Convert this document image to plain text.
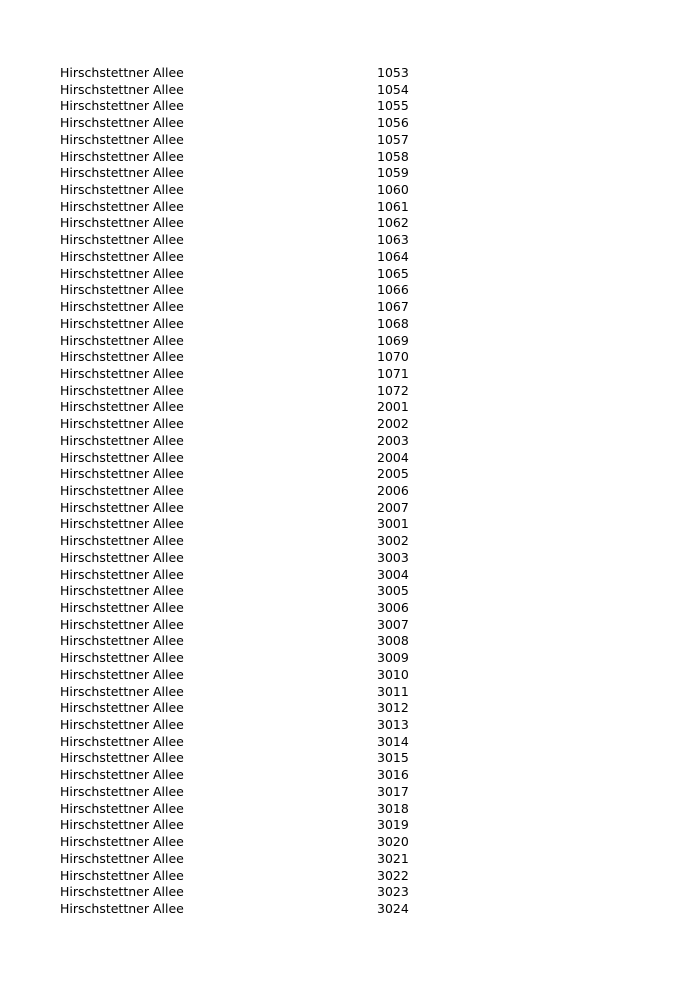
Hirschstettner Allee	1053
Hirschstettner Allee	1054
Hirschstettner Allee	1055
Hirschstettner Allee	1056
Hirschstettner Allee	1057
Hirschstettner Allee	1058
Hirschstettner Allee	1059
Hirschstettner Allee	1060
Hirschstettner Allee	1061
Hirschstettner Allee	1062
Hirschstettner Allee	1063
Hirschstettner Allee	1064
Hirschstettner Allee	1065
Hirschstettner Allee	1066
Hirschstettner Allee	1067
Hirschstettner Allee	1068
Hirschstettner Allee	1069
Hirschstettner Allee	1070
Hirschstettner Allee	1071
Hirschstettner Allee	1072
Hirschstettner Allee	2001
Hirschstettner Allee	2002
Hirschstettner Allee	2003
Hirschstettner Allee	2004
Hirschstettner Allee	2005
Hirschstettner Allee	2006
Hirschstettner Allee	2007
Hirschstettner Allee	3001
Hirschstettner Allee	3002
Hirschstettner Allee	3003
Hirschstettner Allee	3004
Hirschstettner Allee	3005
Hirschstettner Allee	3006
Hirschstettner Allee	3007
Hirschstettner Allee	3008
Hirschstettner Allee	3009
Hirschstettner Allee	3010
Hirschstettner Allee	3011
Hirschstettner Allee	3012
Hirschstettner Allee	3013
Hirschstettner Allee	3014
Hirschstettner Allee	3015
Hirschstettner Allee	3016
Hirschstettner Allee	3017
Hirschstettner Allee	3018
Hirschstettner Allee	3019
Hirschstettner Allee	3020
Hirschstettner Allee	3021
Hirschstettner Allee	3022
Hirschstettner Allee	3023
Hirschstettner Allee	3024
